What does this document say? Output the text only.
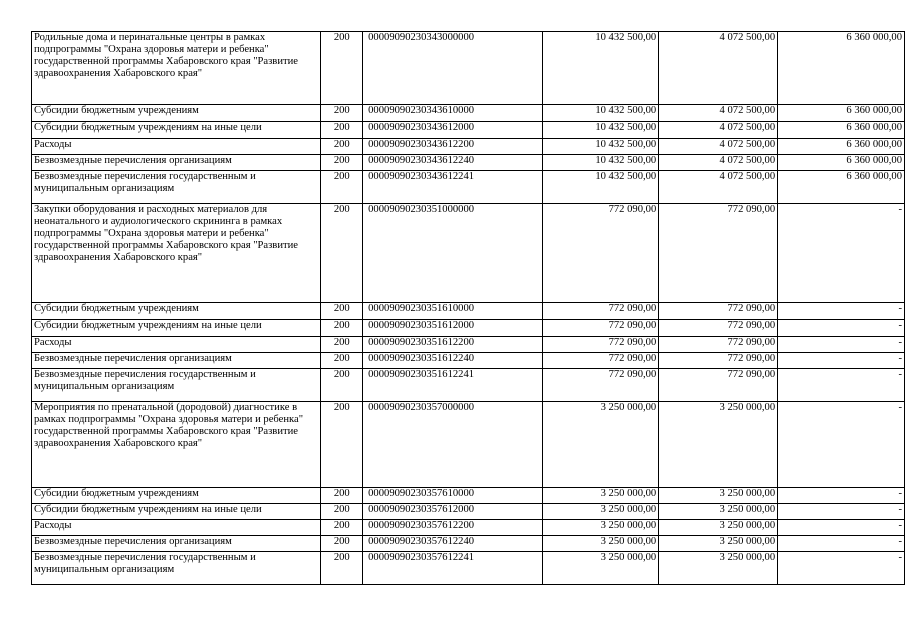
Родильные дома и перинатальные центры в рамках подпрограммы "Охрана здоровья матери и ребенка" государственной программы Хабаровского края "Развитие здравоохранения Хабаровского края"	200	00009090230343000000	10 432 500,00	4 072 500,00	6 360 000,00
Субсидии бюджетным учреждениям	200	00009090230343610000	10 432 500,00	4 072 500,00	6 360 000,00
Субсидии бюджетным учреждениям на иные цели	200	00009090230343612000	10 432 500,00	4 072 500,00	6 360 000,00
Расходы	200	00009090230343612200	10 432 500,00	4 072 500,00	6 360 000,00
Безвозмездные перечисления организациям	200	00009090230343612240	10 432 500,00	4 072 500,00	6 360 000,00
Безвозмездные перечисления государственным и муниципальным организациям	200	00009090230343612241	10 432 500,00	4 072 500,00	6 360 000,00
Закупки оборудования и расходных материалов для неонатального и аудиологического скрининга в рамках подпрограммы "Охрана здоровья матери и ребенка" государственной программы Хабаровского края "Развитие здравоохранения Хабаровского края"	200	00009090230351000000	772 090,00	772 090,00	-
Субсидии бюджетным учреждениям	200	00009090230351610000	772 090,00	772 090,00	-
Субсидии бюджетным учреждениям на иные цели	200	00009090230351612000	772 090,00	772 090,00	-
Расходы	200	00009090230351612200	772 090,00	772 090,00	-
Безвозмездные перечисления организациям	200	00009090230351612240	772 090,00	772 090,00	-
Безвозмездные перечисления государственным и муниципальным организациям	200	00009090230351612241	772 090,00	772 090,00	-
Мероприятия по пренатальной (дородовой) диагностике в рамках подпрограммы "Охрана здоровья матери и ребенка" государственной программы Хабаровского края "Развитие здравоохранения Хабаровского края"	200	00009090230357000000	3 250 000,00	3 250 000,00	-
Субсидии бюджетным учреждениям	200	00009090230357610000	3 250 000,00	3 250 000,00	-
Субсидии бюджетным учреждениям на иные цели	200	00009090230357612000	3 250 000,00	3 250 000,00	-
Расходы	200	00009090230357612200	3 250 000,00	3 250 000,00	-
Безвозмездные перечисления организациям	200	00009090230357612240	3 250 000,00	3 250 000,00	-
Безвозмездные перечисления государственным и муниципальным организациям	200	00009090230357612241	3 250 000,00	3 250 000,00	-
